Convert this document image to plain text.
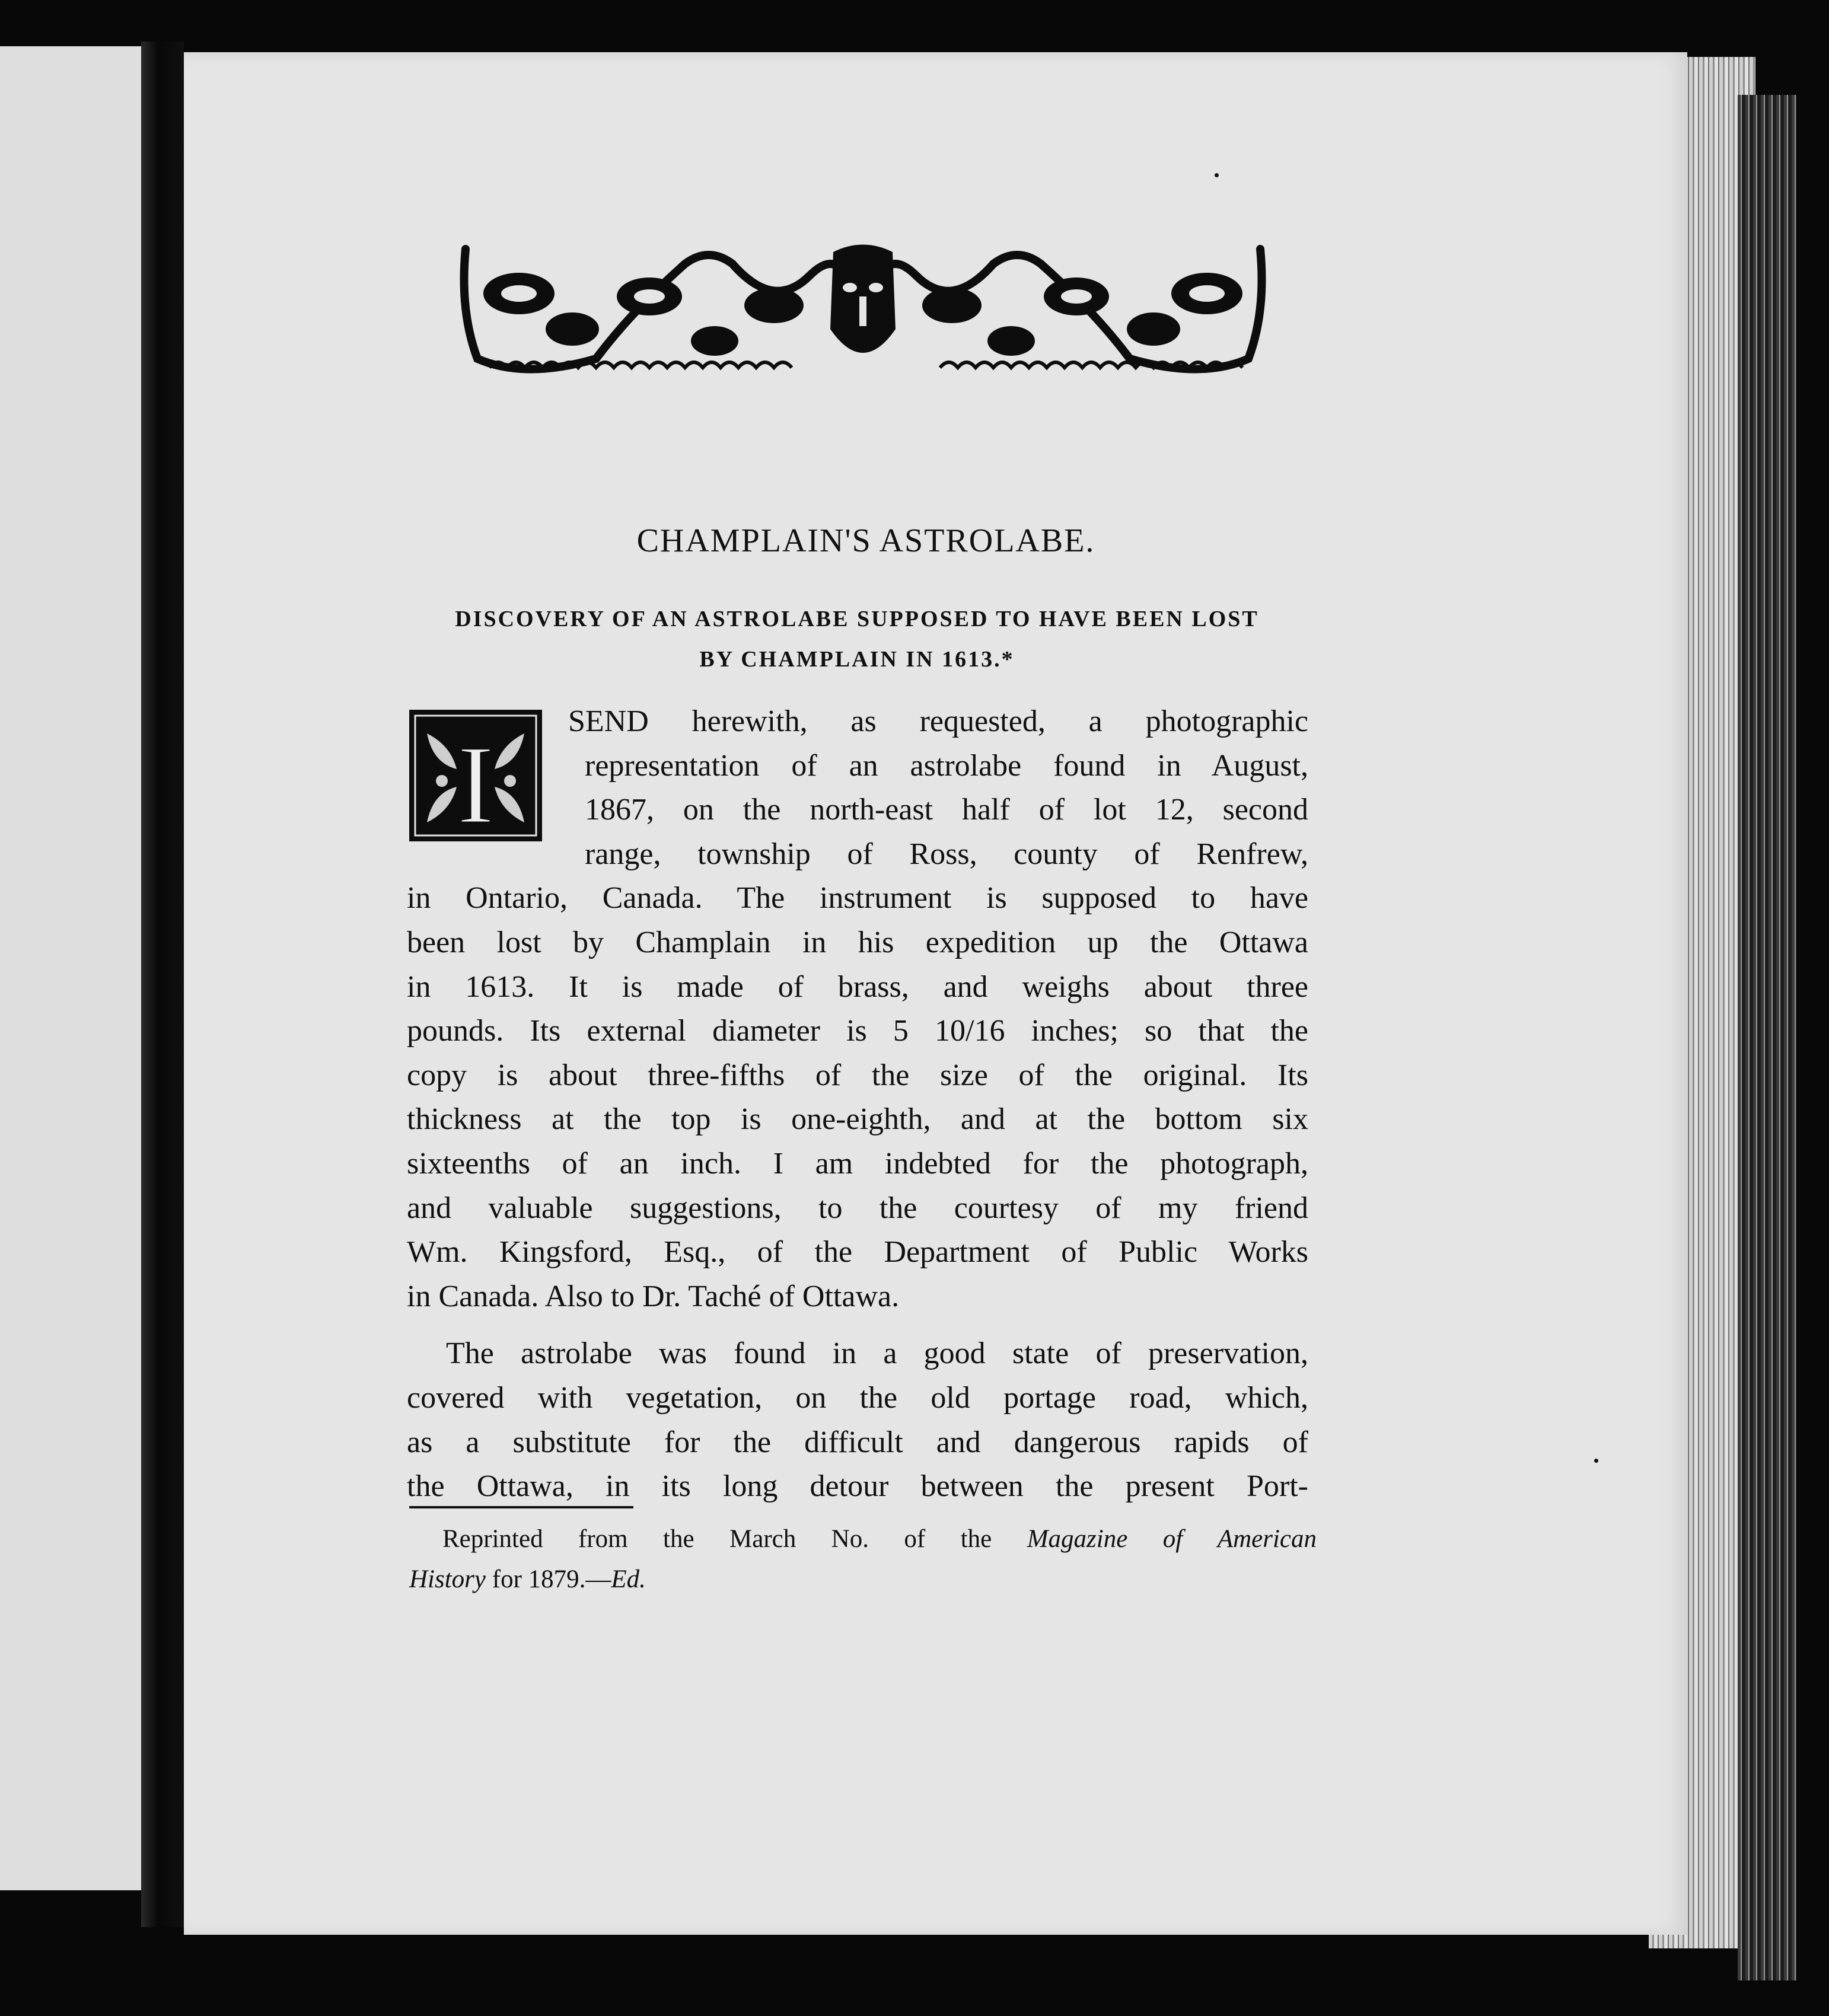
CHAMPLAIN'S ASTROLABE.

DISCOVERY OF AN ASTROLABE SUPPOSED TO HAVE BEEN LOST
BY CHAMPLAIN IN 1613.*

I
SEND herewith, as requested, a photographic
representation of an astrolabe found in August,
1867, on the north-east half of lot 12, second
range, township of Ross, county of Renfrew,
in Ontario, Canada. The instrument is supposed to have
been lost by Champlain in his expedition up the Ottawa
in 1613. It is made of brass, and weighs about three
pounds. Its external diameter is 5 10/16 inches; so that the
copy is about three-fifths of the size of the original. Its
thickness at the top is one-eighth, and at the bottom six
sixteenths of an inch. I am indebted for the photograph,
and valuable suggestions, to the courtesy of my friend
Wm. Kingsford, Esq., of the Department of Public Works
in Canada. Also to Dr. Taché of Ottawa.
The astrolabe was found in a good state of preservation,
covered with vegetation, on the old portage road, which,
as a substitute for the difficult and dangerous rapids of
the Ottawa, in its long detour between the present Port-
Reprinted from the March No. of the Magazine of American
History for 1879.—Ed.
